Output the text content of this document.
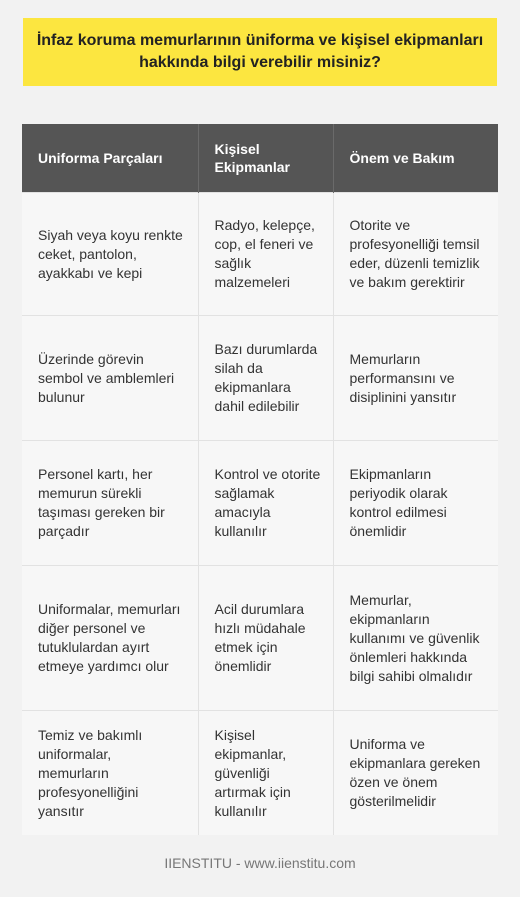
İnfaz koruma memurlarının üniforma ve kişisel ekipmanları hakkında bilgi verebilir misiniz?
Uniforma Parçaları	Kişisel Ekipmanlar	Önem ve Bakım
Siyah veya koyu renkte ceket, pantolon, ayakkabı ve kepi	Radyo, kelepçe, cop, el feneri ve sağlık malzemeleri	Otorite ve profesyonelliği temsil eder, düzenli temizlik ve bakım gerektirir
Üzerinde görevin sembol ve amblemleri bulunur	Bazı durumlarda silah da ekipmanlara dahil edilebilir	Memurların performansını ve disiplinini yansıtır
Personel kartı, her memurun sürekli taşıması gereken bir parçadır	Kontrol ve otorite sağlamak amacıyla kullanılır	Ekipmanların periyodik olarak kontrol edilmesi önemlidir
Uniformalar, memurları diğer personel ve tutuklulardan ayırt etmeye yardımcı olur	Acil durumlara hızlı müdahale etmek için önemlidir	Memurlar, ekipmanların kullanımı ve güvenlik önlemleri hakkında bilgi sahibi olmalıdır
Temiz ve bakımlı uniformalar, memurların profesyonelliğini yansıtır	Kişisel ekipmanlar, güvenliği artırmak için kullanılır	Uniforma ve ekipmanlara gereken özen ve önem gösterilmelidir
IIENSTITU - www.iienstitu.com
